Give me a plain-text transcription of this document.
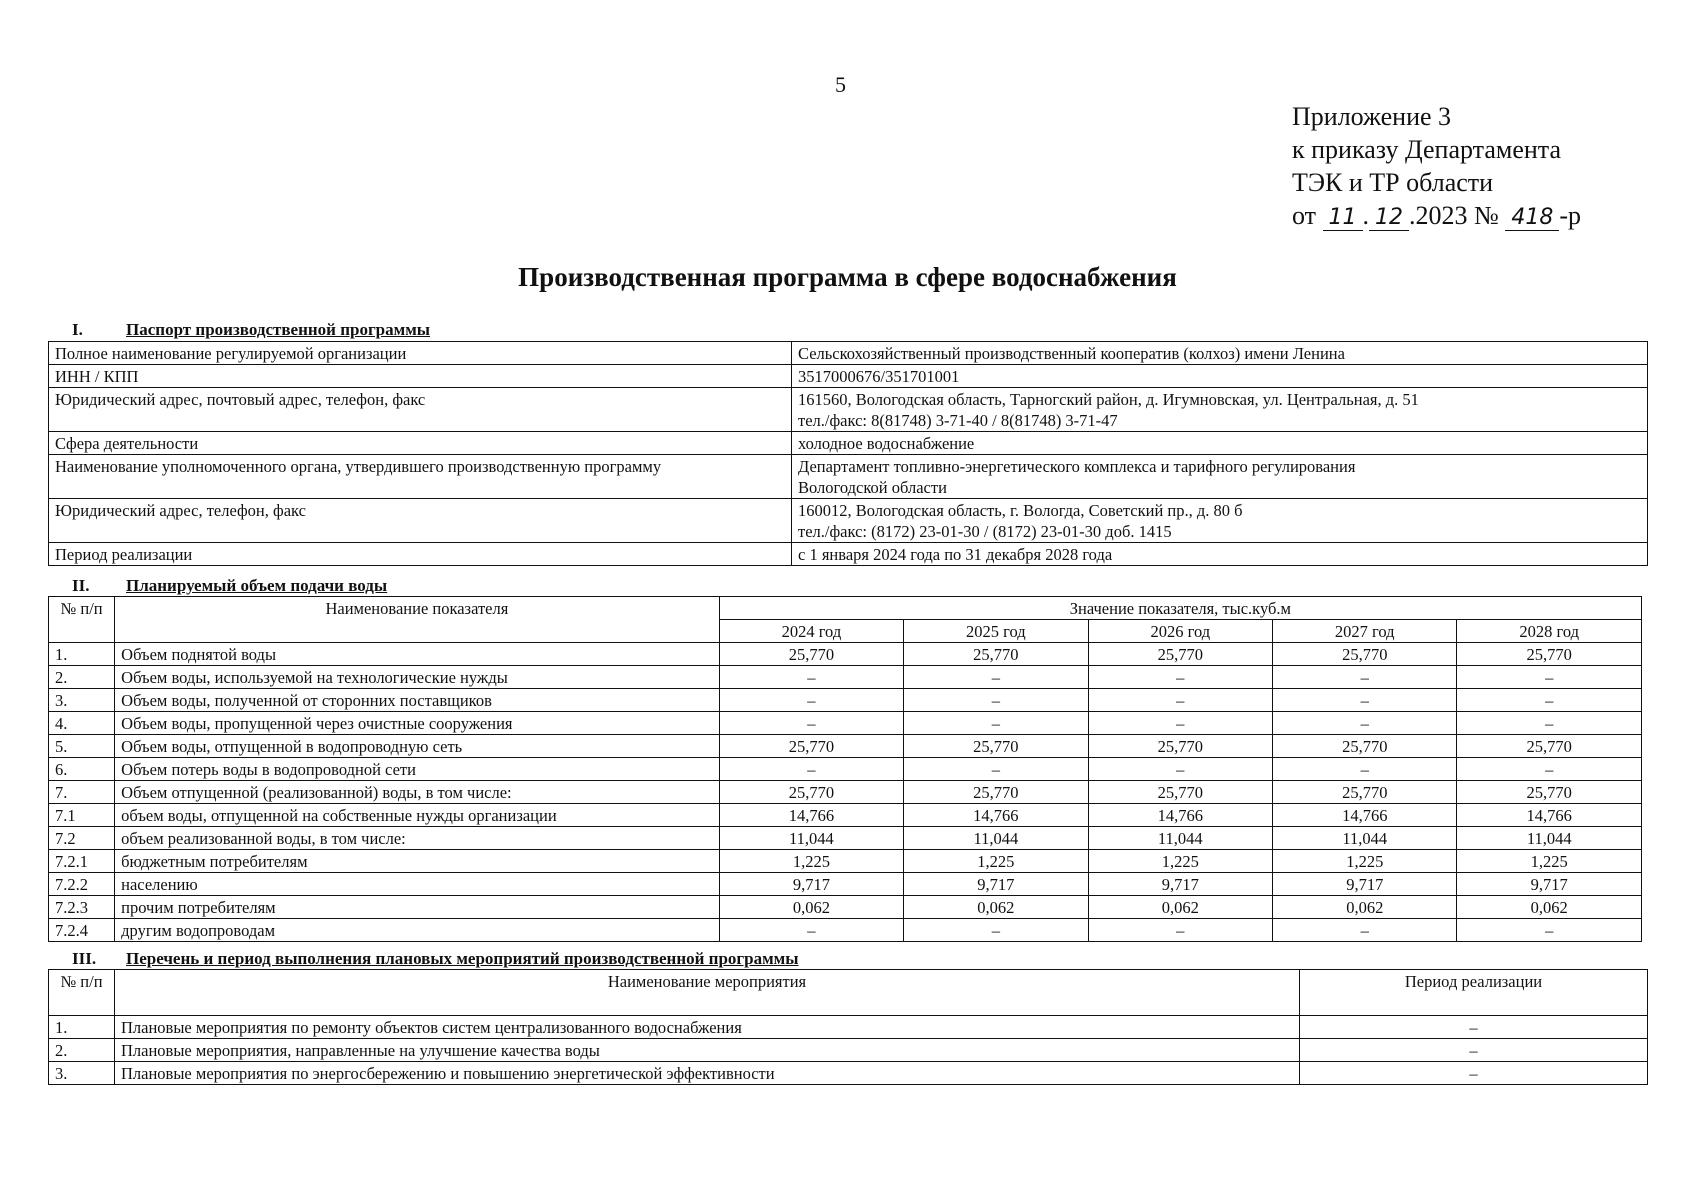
5
Приложение 3
к приказу Департамента
ТЭК и ТР области
от 11 . 12 .2023 № 418 -р
Производственная программа в сфере водоснабжения
I.	Паспорт производственной программы
Полное наименование регулируемой организации	Сельскохозяйственный производственный кооператив (колхоз) имени Ленина

ИНН / КПП	3517000676/351701001

Юридический адрес, почтовый адрес, телефон, факс	161560, Вологодская область, Тарногский район, д. Игумновская, ул. Центральная, д. 51
тел./факс: 8(81748) 3-71-40 / 8(81748) 3-71-47

Сфера деятельности	холодное водоснабжение

Наименование уполномоченного органа, утвердившего производственную программу	Департамент топливно-энергетического комплекса и тарифного регулирования
Вологодской области

Юридический адрес, телефон, факс	160012, Вологодская область, г. Вологда, Советский пр., д. 80 б
тел./факс: (8172) 23-01-30 / (8172) 23-01-30 доб. 1415

Период реализации	с 1 января 2024 года по 31 декабря 2028 года
II. Планируемый объем подачи воды
№ п/п	Наименование показателя	Значение показателя, тыс.куб.м				
		2024 год	2025 год	2026 год	2027 год	2028 год
1.	Объем поднятой воды	25,770	25,770	25,770	25,770	25,770
2.	Объем воды, используемой на технологические нужды	–	–	–	–	–
3.	Объем воды, полученной от сторонних поставщиков	–	–	–	–	–
4.	Объем воды, пропущенной через очистные сооружения	–	–	–	–	–
5.	Объем воды, отпущенной в водопроводную сеть	25,770	25,770	25,770	25,770	25,770
6.	Объем потерь воды в водопроводной сети	–	–	–	–	–
7.	Объем отпущенной (реализованной) воды, в том числе:	25,770	25,770	25,770	25,770	25,770
7.1	объем воды, отпущенной на собственные нужды организации	14,766	14,766	14,766	14,766	14,766
7.2	объем реализованной воды, в том числе:	11,044	11,044	11,044	11,044	11,044
7.2.1	бюджетным потребителям	1,225	1,225	1,225	1,225	1,225
7.2.2	населению	9,717	9,717	9,717	9,717	9,717
7.2.3	прочим потребителям	0,062	0,062	0,062	0,062	0,062
7.2.4	другим водопроводам	–	–	–	–	–
III. Перечень и период выполнения плановых мероприятий производственной программы
№ п/п	Наименование мероприятия	Период реализации
1.	Плановые мероприятия по ремонту объектов систем централизованного водоснабжения	–
2.	Плановые мероприятия, направленные на улучшение качества воды	–
3.	Плановые мероприятия по энергосбережению и повышению энергетической эффективности	–
